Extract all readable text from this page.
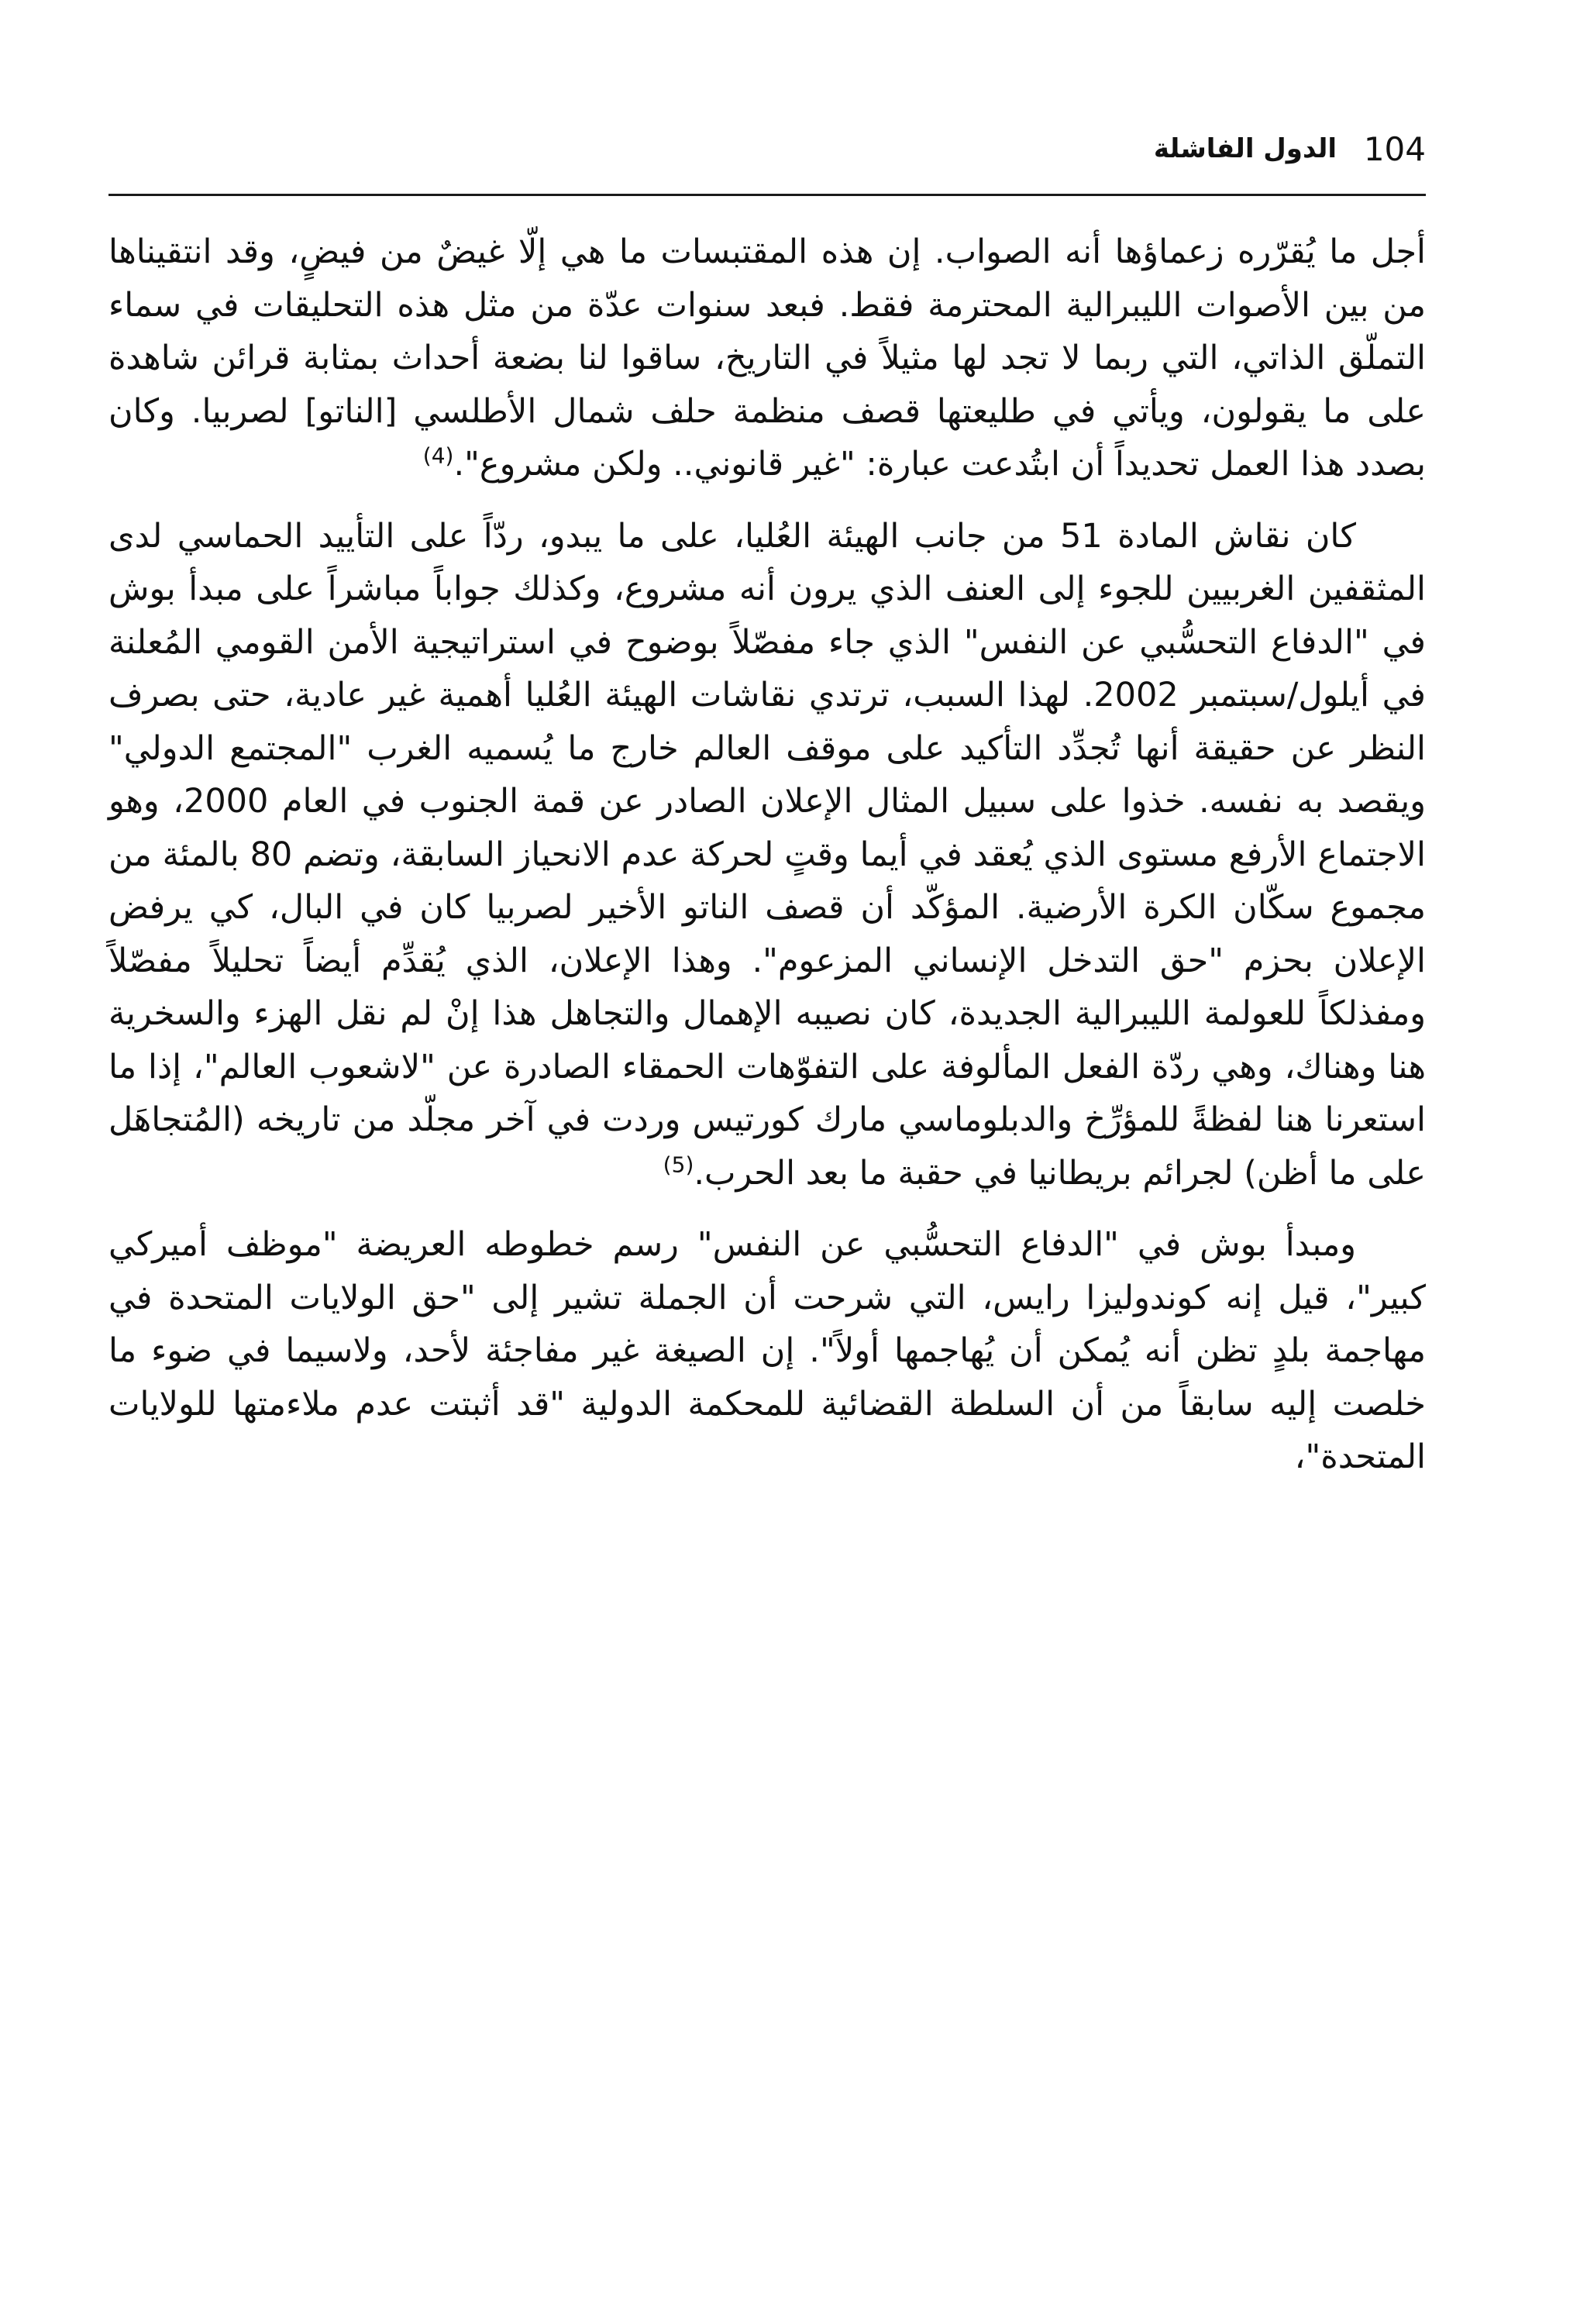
104
الدول الفاشلة

أجل ما يُقرّره زعماؤها أنه الصواب. إن هذه المقتبسات ما هي إلّا غيضٌ من فيضٍ، وقد انتقيناها من بين الأصوات الليبرالية المحترمة فقط. فبعد سنوات عدّة من مثل هذه التحليقات في سماء التملّق الذاتي، التي ربما لا تجد لها مثيلاً في التاريخ، ساقوا لنا بضعة أحداث بمثابة قرائن شاهدة على ما يقولون، ويأتي في طليعتها قصف منظمة حلف شمال الأطلسي [الناتو] لصربيا. وكان بصدد هذا العمل تحديداً أن ابتُدعت عبارة: "غير قانوني.. ولكن مشروع".$^{(4)}$

كان نقاش المادة 51 من جانب الهيئة العُليا، على ما يبدو، ردّاً على التأييد الحماسي لدى المثقفين الغربيين للجوء إلى العنف الذي يرون أنه مشروع، وكذلك جواباً مباشراً على مبدأ بوش في "الدفاع التحسُّبي عن النفس" الذي جاء مفصّلاً بوضوح في استراتيجية الأمن القومي المُعلنة في أيلول/سبتمبر 2002. لهذا السبب، ترتدي نقاشات الهيئة العُليا أهمية غير عادية، حتى بصرف النظر عن حقيقة أنها تُجدِّد التأكيد على موقف العالم خارج ما يُسميه الغرب "المجتمع الدولي" ويقصد به نفسه. خذوا على سبيل المثال الإعلان الصادر عن قمة الجنوب في العام 2000، وهو الاجتماع الأرفع مستوى الذي يُعقد في أيما وقتٍ لحركة عدم الانحياز السابقة، وتضم 80 بالمئة من مجموع سكّان الكرة الأرضية. المؤكّد أن قصف الناتو الأخير لصربيا كان في البال، كي يرفض الإعلان بحزم "حق التدخل الإنساني المزعوم". وهذا الإعلان، الذي يُقدِّم أيضاً تحليلاً مفصّلاً ومفذلكاً للعولمة الليبرالية الجديدة، كان نصيبه الإهمال والتجاهل هذا إنْ لم نقل الهزء والسخرية هنا وهناك، وهي ردّة الفعل المألوفة على التفوّهات الحمقاء الصادرة عن "لاشعوب العالم"، إذا ما استعرنا هنا لفظةً للمؤرِّخ والدبلوماسي مارك كورتيس وردت في آخر مجلّد من تاريخه (المُتجاهَل على ما أظن) لجرائم بريطانيا في حقبة ما بعد الحرب.$^{(5)}$

ومبدأ بوش في "الدفاع التحسُّبي عن النفس" رسم خطوطه العريضة "موظف أميركي كبير"، قيل إنه كوندوليزا رايس، التي شرحت أن الجملة تشير إلى "حق الولايات المتحدة في مهاجمة بلدٍ تظن أنه يُمكن أن يُهاجمها أولاً". إن الصيغة غير مفاجئة لأحد، ولاسيما في ضوء ما خلصت إليه سابقاً من أن السلطة القضائية للمحكمة الدولية "قد أثبتت عدم ملاءمتها للولايات المتحدة"،
